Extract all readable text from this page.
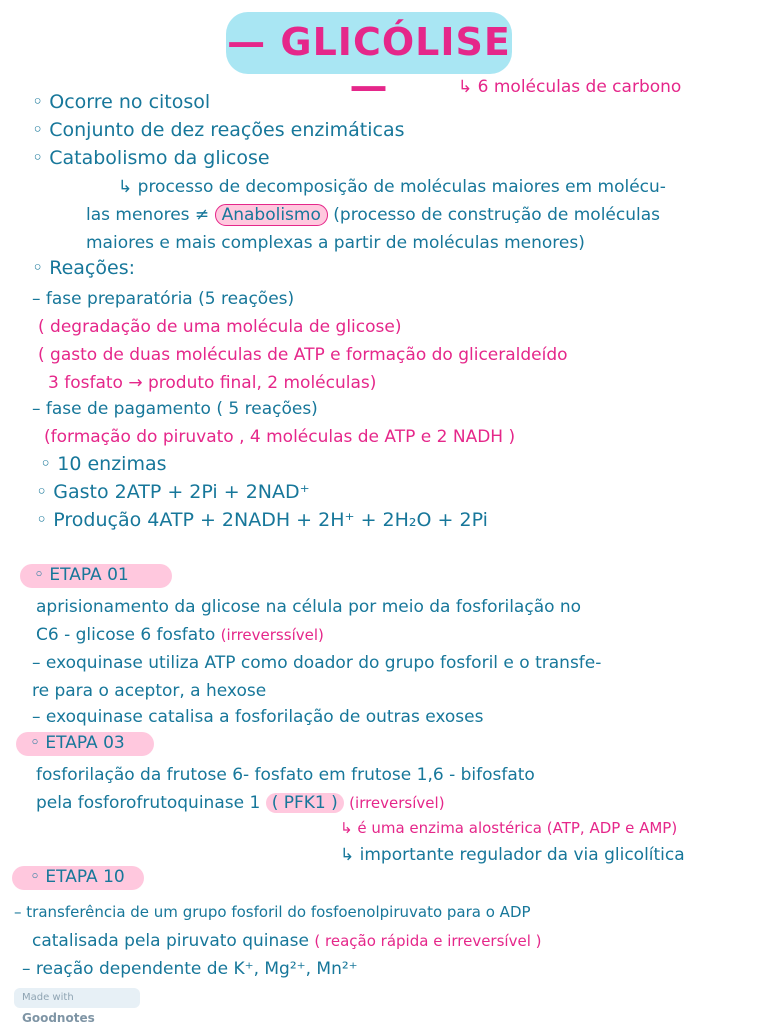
— GLICÓLISE —	↳ 6 moléculas de carbono
◦ Ocorre no citosol
◦ Conjunto de dez reações enzimáticas
◦ Catabolismo da glicose
↳ processo de decomposição de moléculas maiores em molécu-
las menores ≠ Anabolismo (processo de construção de moléculas
maiores e mais complexas a partir de moléculas menores)
◦ Reações:
– fase preparatória (5 reações)
( degradação de uma molécula de glicose)
( gasto de duas moléculas de ATP e formação do gliceraldeído
3 fosfato → produto final, 2 moléculas)
– fase de pagamento ( 5 reações)
(formação do piruvato , 4 moléculas de ATP e 2 NADH )
◦ 10 enzimas
◦ Gasto 2ATP + 2Pi + 2NAD⁺
◦ Produção 4ATP + 2NADH + 2H⁺ + 2H₂O + 2Pi
◦ ETAPA 01
aprisionamento da glicose na célula por meio da fosforilação no
C6 - glicose 6 fosfato (irreverssível)
– exoquinase utiliza ATP como doador do grupo fosforil e o transfe-
re para o aceptor, a hexose
– exoquinase catalisa a fosforilação de outras exoses
◦ ETAPA 03
fosforilação da frutose 6- fosfato em frutose 1,6 - bifosfato
pela fosforofrutoquinase 1 ( PFK1 ) (irreversível)
↳ é uma enzima alostérica (ATP, ADP e AMP)
↳ importante regulador da via glicolítica
◦ ETAPA 10
– transferência de um grupo fosforil do fosfoenolpiruvato para o ADP
catalisada pela piruvato quinase ( reação rápida e irreversível )
– reação dependente de K⁺, Mg²⁺, Mn²⁺
Made with Goodnotes
